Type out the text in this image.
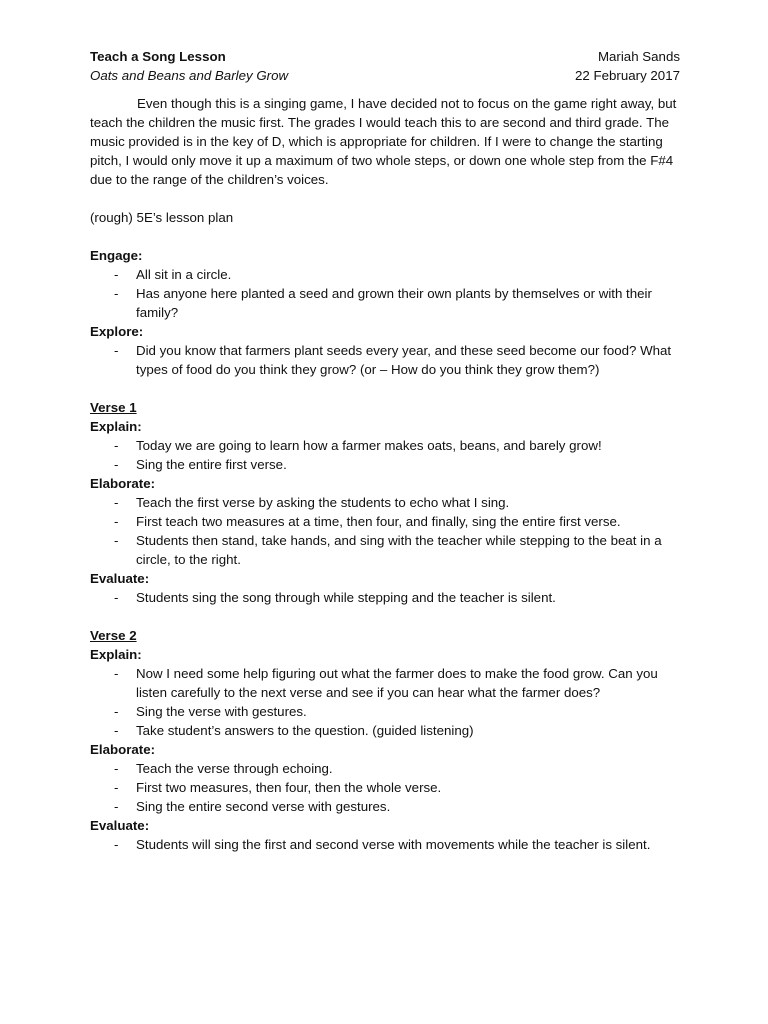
Teach a Song Lesson	Mariah Sands
Oats and Beans and Barley Grow	22 February 2017
Even though this is a singing game, I have decided not to focus on the game right away, but teach the children the music first. The grades I would teach this to are second and third grade. The music provided is in the key of D, which is appropriate for children. If I were to change the starting pitch, I would only move it up a maximum of two whole steps, or down one whole step from the F#4 due to the range of the children’s voices.
(rough) 5E’s lesson plan
Engage:
- All sit in a circle.
- Has anyone here planted a seed and grown their own plants by themselves or with their family?
Explore:
- Did you know that farmers plant seeds every year, and these seed become our food? What types of food do you think they grow? (or – How do you think they grow them?)
Verse 1
Explain:
- Today we are going to learn how a farmer makes oats, beans, and barely grow!
- Sing the entire first verse.
Elaborate:
- Teach the first verse by asking the students to echo what I sing.
- First teach two measures at a time, then four, and finally, sing the entire first verse.
- Students then stand, take hands, and sing with the teacher while stepping to the beat in a circle, to the right.
Evaluate:
- Students sing the song through while stepping and the teacher is silent.
Verse 2
Explain:
- Now I need some help figuring out what the farmer does to make the food grow. Can you listen carefully to the next verse and see if you can hear what the farmer does?
- Sing the verse with gestures.
- Take student’s answers to the question. (guided listening)
Elaborate:
- Teach the verse through echoing.
- First two measures, then four, then the whole verse.
- Sing the entire second verse with gestures.
Evaluate:
- Students will sing the first and second verse with movements while the teacher is silent.
